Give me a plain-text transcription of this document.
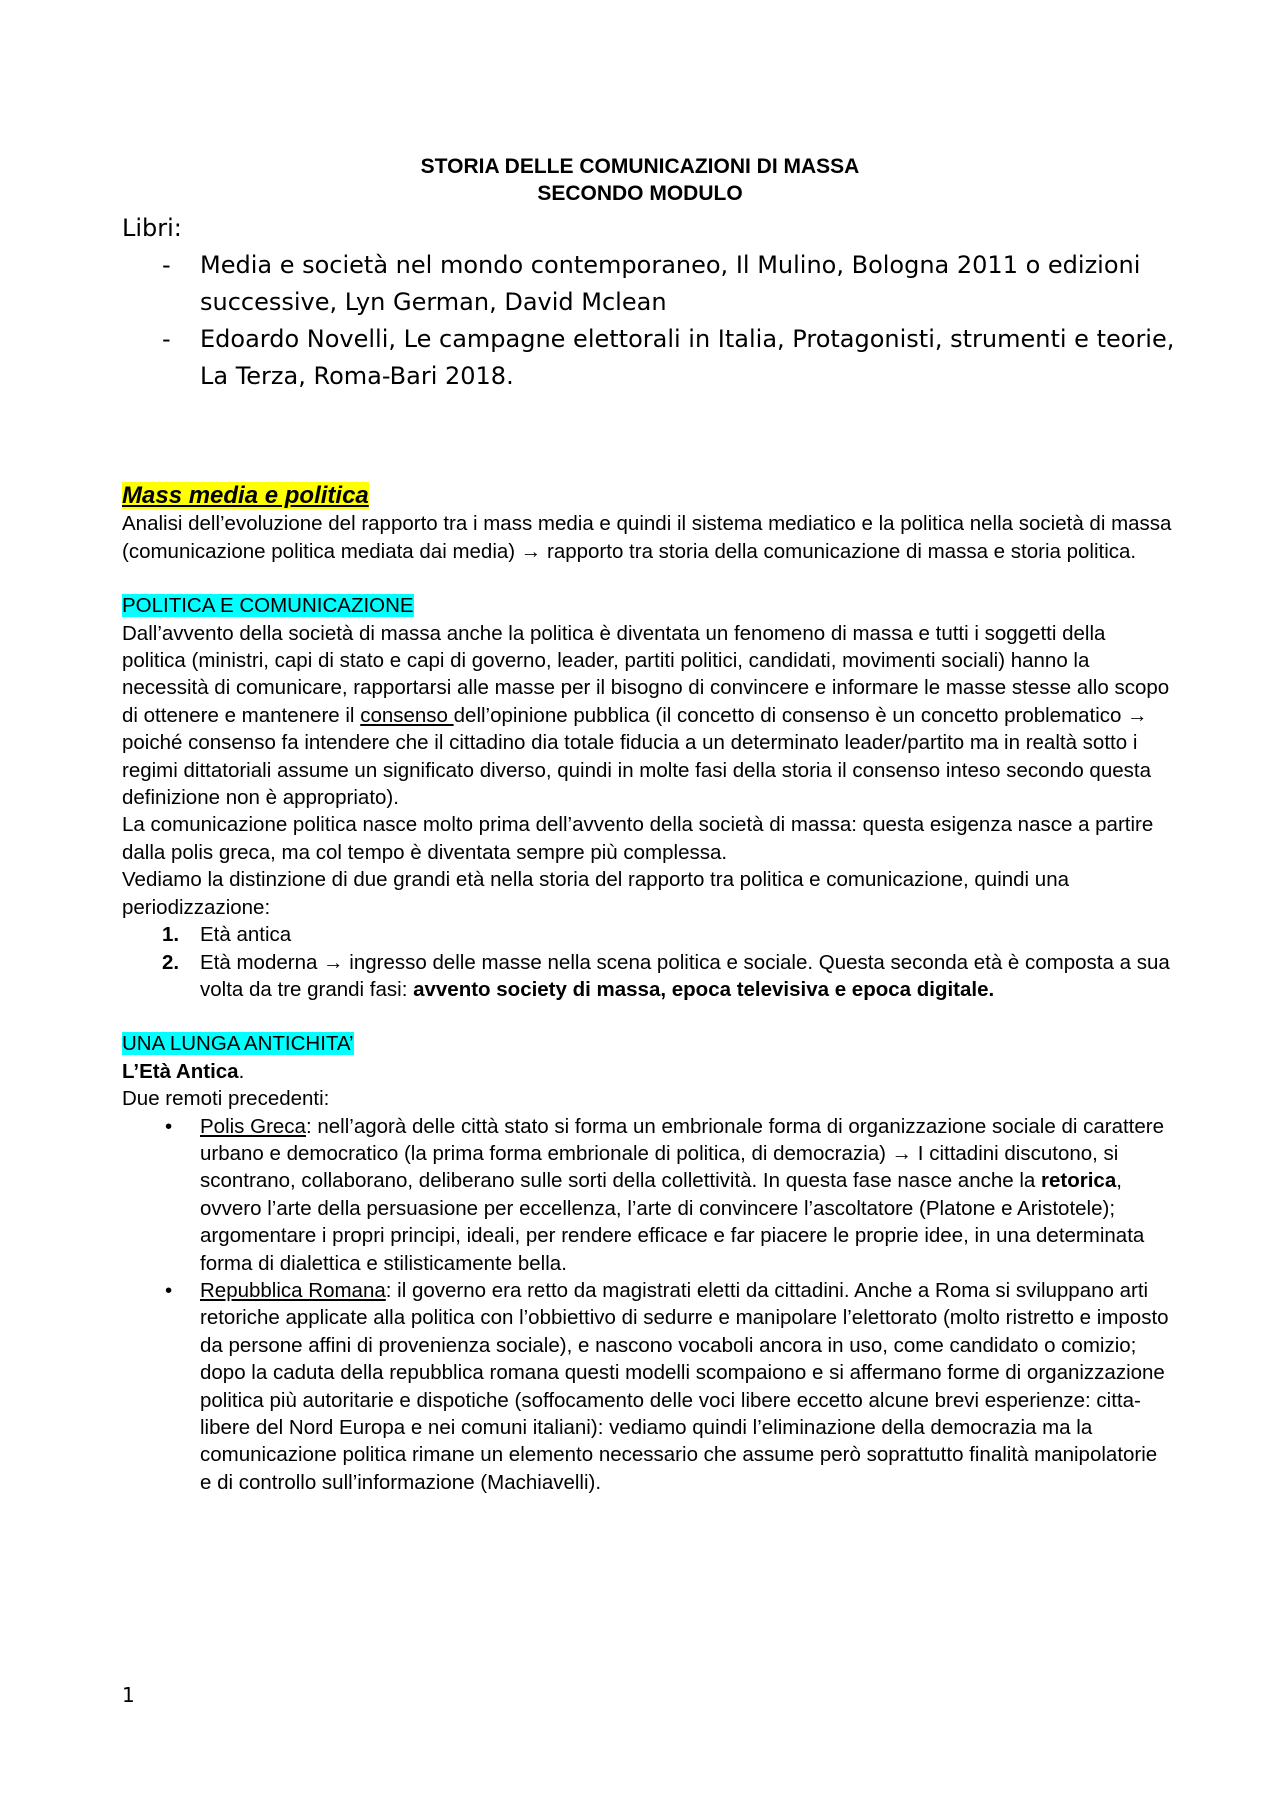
STORIA DELLE COMUNICAZIONI DI MASSA
SECONDO MODULO
Libri:
- Media e società nel mondo contemporaneo, Il Mulino, Bologna 2011 o edizioni successive, Lyn German, David Mclean
- Edoardo Novelli, Le campagne elettorali in Italia, Protagonisti, strumenti e teorie, La Terza, Roma-Bari 2018.

Mass media e politica

Analisi dell’evoluzione del rapporto tra i mass media e quindi il sistema mediatico e la politica nella società di massa (comunicazione politica mediata dai media) → rapporto tra storia della comunicazione di massa e storia politica.

POLITICA E COMUNICAZIONE

Dall’avvento della società di massa anche la politica è diventata un fenomeno di massa e tutti i soggetti della politica (ministri, capi di stato e capi di governo, leader, partiti politici, candidati, movimenti sociali) hanno la necessità di comunicare, rapportarsi alle masse per il bisogno di convincere e informare le masse stesse allo scopo di ottenere e mantenere il consenso dell’opinione pubblica (il concetto di consenso è un concetto problematico → poiché consenso fa intendere che il cittadino dia totale fiducia a un determinato leader/partito ma in realtà sotto i regimi dittatoriali assume un significato diverso, quindi in molte fasi della storia il consenso inteso secondo questa definizione non è appropriato).

La comunicazione politica nasce molto prima dell’avvento della società di massa: questa esigenza nasce a partire dalla polis greca, ma col tempo è diventata sempre più complessa.

Vediamo la distinzione di due grandi età nella storia del rapporto tra politica e comunicazione, quindi una periodizzazione:

1. Età antica
2. Età moderna → ingresso delle masse nella scena politica e sociale. Questa seconda età è composta a sua volta da tre grandi fasi: avvento society di massa, epoca televisiva e epoca digitale.

UNA LUNGA ANTICHITA’

L’Età Antica.

Due remoti precedenti:

• Polis Greca: nell’agorà delle città stato si forma un embrionale forma di organizzazione sociale di carattere urbano e democratico (la prima forma embrionale di politica, di democrazia) → I cittadini discutono, si scontrano, collaborano, deliberano sulle sorti della collettività. In questa fase nasce anche la retorica, ovvero l’arte della persuasione per eccellenza, l’arte di convincere l’ascoltatore (Platone e Aristotele); argomentare i propri principi, ideali, per rendere efficace e far piacere le proprie idee, in una determinata forma di dialettica e stilisticamente bella.
• Repubblica Romana: il governo era retto da magistrati eletti da cittadini. Anche a Roma si sviluppano arti retoriche applicate alla politica con l’obbiettivo di sedurre e manipolare l’elettorato (molto ristretto e imposto da persone affini di provenienza sociale), e nascono vocaboli ancora in uso, come candidato o comizio; dopo la caduta della repubblica romana questi modelli scompaiono e si affermano forme di organizzazione politica più autoritarie e dispotiche (soffocamento delle voci libere eccetto alcune brevi esperienze: citta-libere del Nord Europa e nei comuni italiani): vediamo quindi l’eliminazione della democrazia ma la comunicazione politica rimane un elemento necessario che assume però soprattutto finalità manipolatorie e di controllo sull’informazione (Machiavelli).
1
